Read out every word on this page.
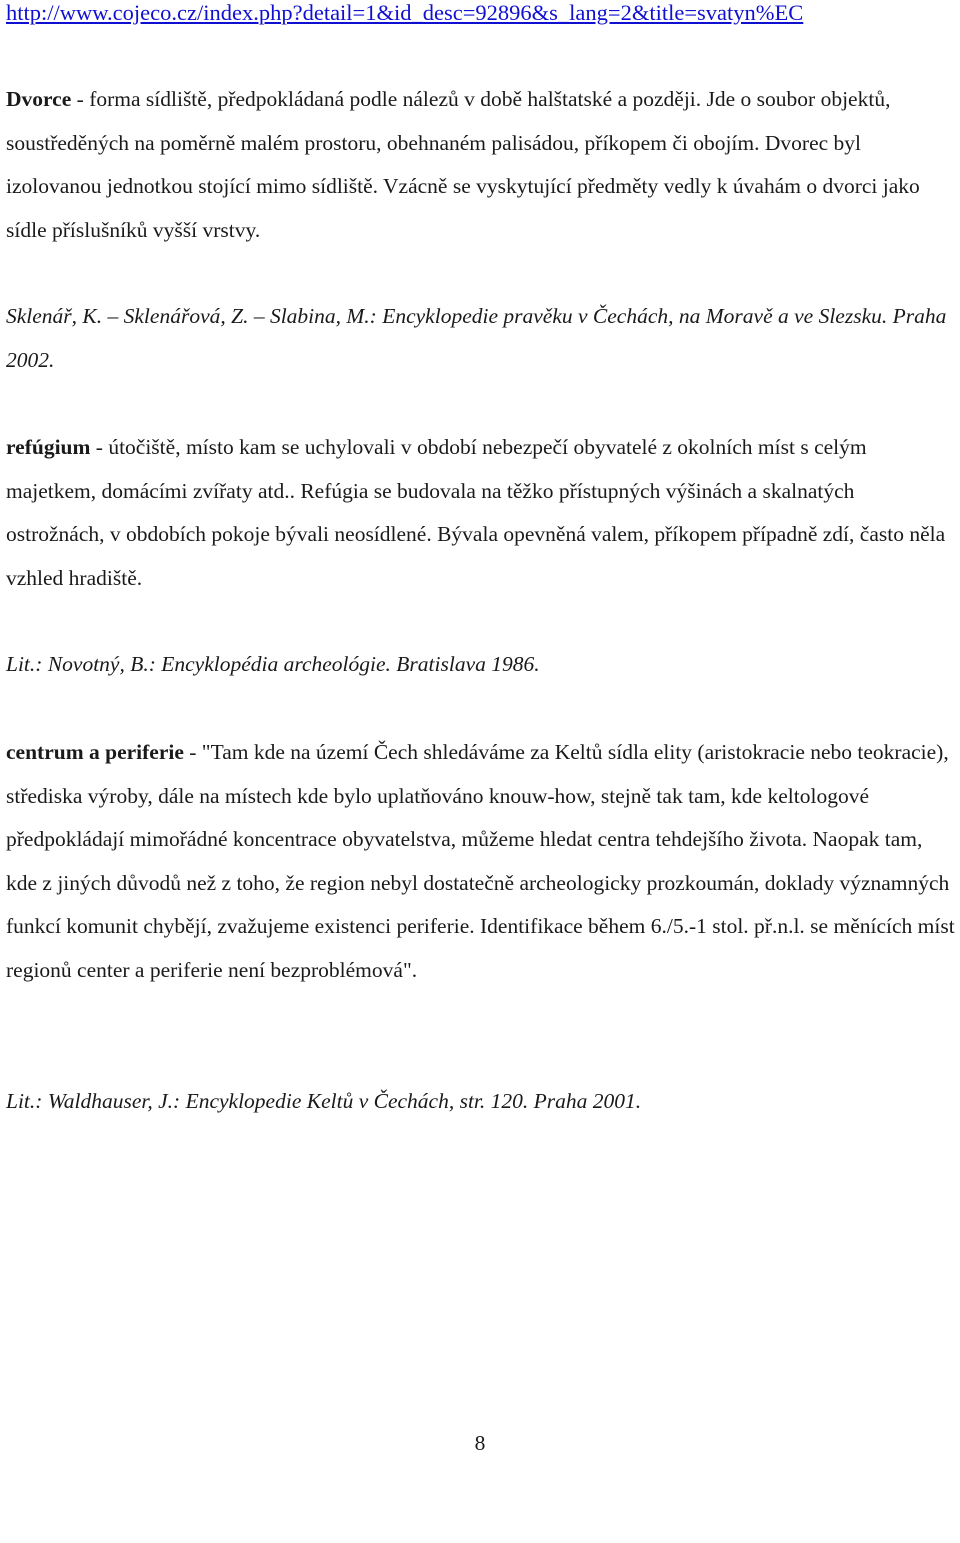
http://www.cojeco.cz/index.php?detail=1&id_desc=92896&s_lang=2&title=svatyn%EC

Dvorce - forma sídliště, předpokládaná podle nálezů v době halštatské a později. Jde o soubor objektů, soustředěných na poměrně malém prostoru, obehnaném palisádou, příkopem či obojím. Dvorec byl izolovanou jednotkou stojící mimo sídliště. Vzácně se vyskytující předměty vedly k úvahám o dvorci jako sídle příslušníků vyšší vrstvy.

Sklenář, K. – Sklenářová, Z. – Slabina, M.: Encyklopedie pravěku v Čechách, na Moravě a ve Slezsku. Praha 2002.

refúgium - útočiště, místo kam se uchylovali v období nebezpečí obyvatelé z okolních míst s celým majetkem, domácími zvířaty atd.. Refúgia se budovala na těžko přístupných výšinách a skalnatých ostrožnách, v obdobích pokoje bývali neosídlené. Bývala opevněná valem, příkopem případně zdí, často něla vzhled hradiště.

Lit.: Novotný, B.: Encyklopédia archeológie. Bratislava 1986.

centrum a periferie - "Tam kde na území Čech shledáváme za Keltů sídla elity (aristokracie nebo teokracie), střediska výroby, dále na místech kde bylo uplatňováno knouw-how, stejně tak tam, kde keltologové předpokládají mimořádné koncentrace obyvatelstva, můžeme hledat centra tehdejšího života. Naopak tam, kde z jiných důvodů než z toho, že region nebyl dostatečně archeologicky prozkoumán, doklady významných funkcí komunit chybějí, zvažujeme existenci periferie. Identifikace během 6./5.-1 stol. př.n.l. se měnících míst regionů center a periferie není bezproblémová".

Lit.: Waldhauser, J.: Encyklopedie Keltů v Čechách, str. 120. Praha 2001.

8
